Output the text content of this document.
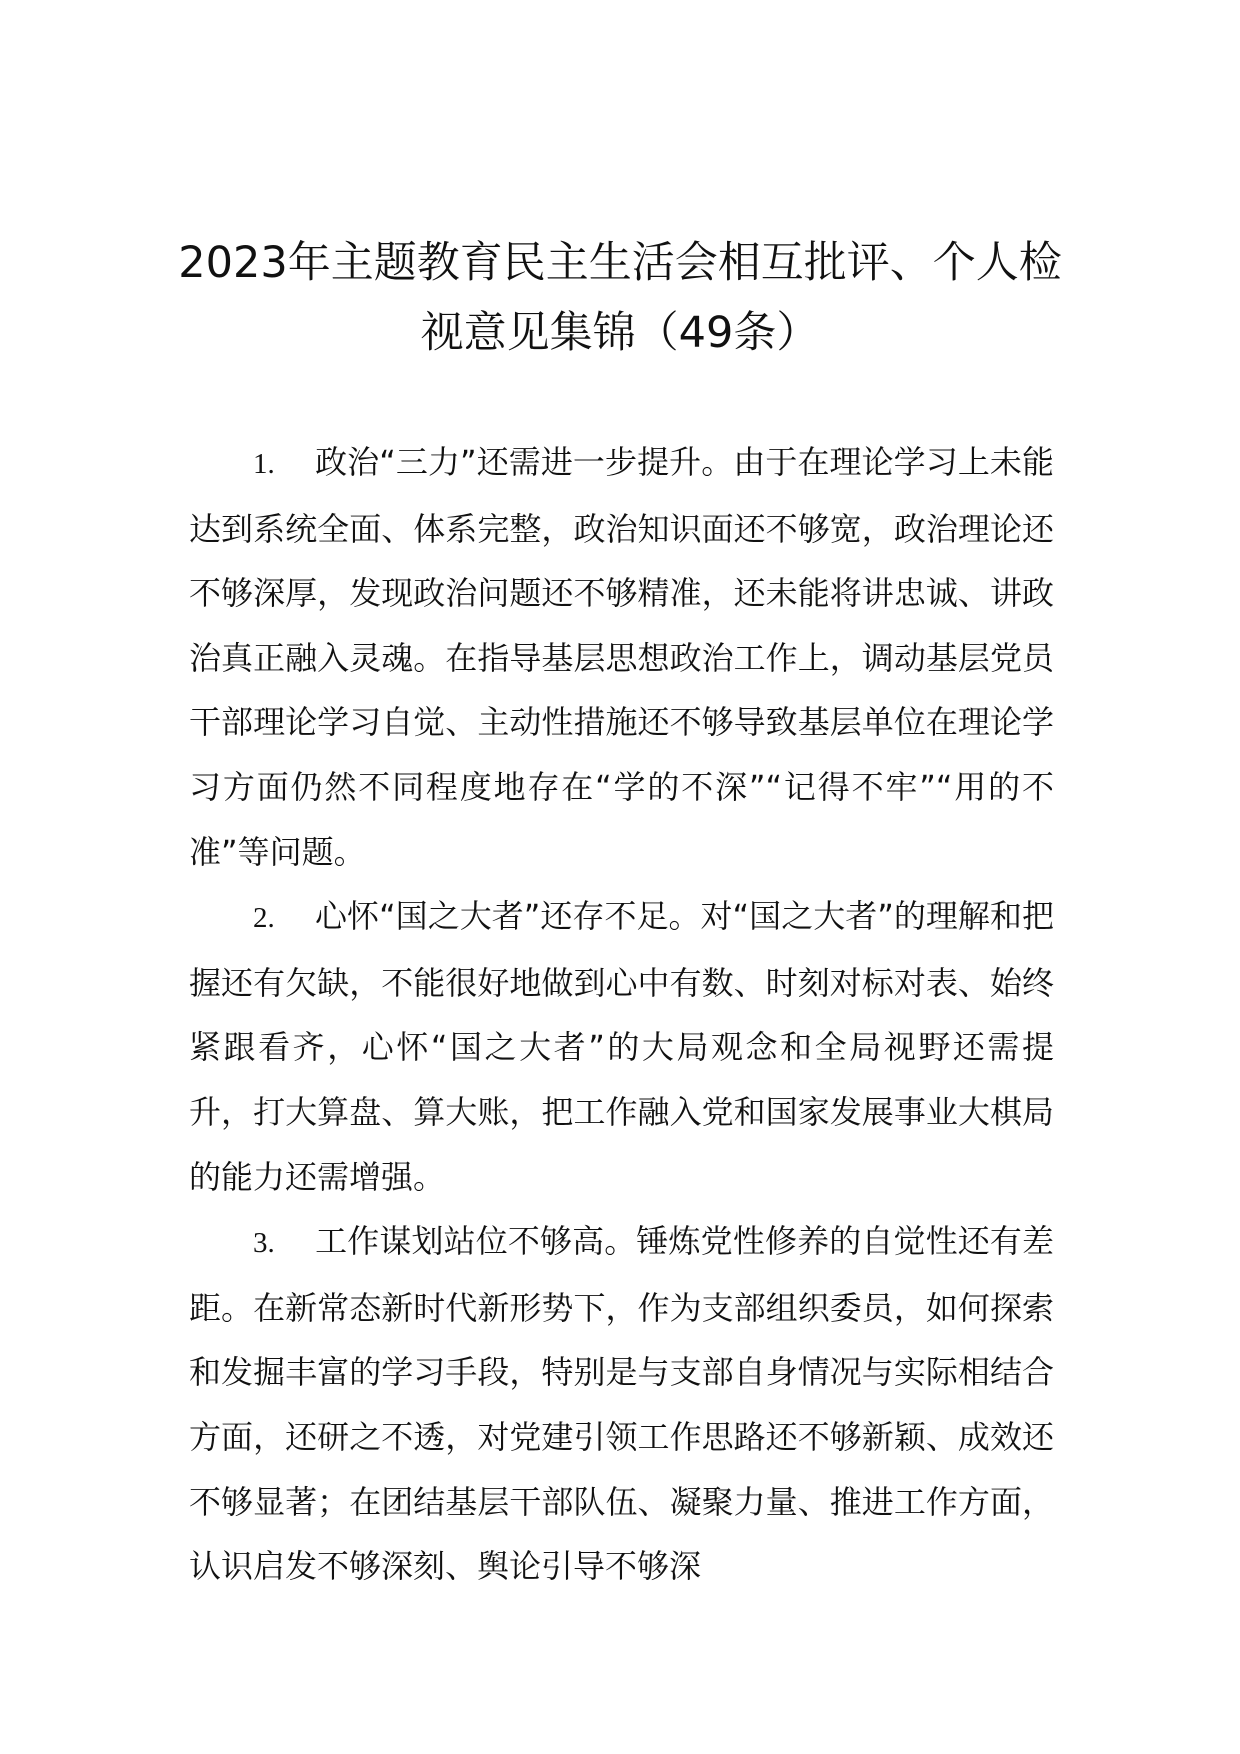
2023年主题教育民主生活会相互批评、个人检视意见集锦（49条）

1. 政治“三力”还需进一步提升。由于在理论学习上未能达到系统全面、体系完整，政治知识面还不够宽，政治理论还不够深厚，发现政治问题还不够精准，还未能将讲忠诚、讲政治真正融入灵魂。在指导基层思想政治工作上，调动基层党员干部理论学习自觉、主动性措施还不够导致基层单位在理论学习方面仍然不同程度地存在“学的不深”“记得不牢”“用的不准”等问题。

2. 心怀“国之大者”还存不足。对“国之大者”的理解和把握还有欠缺，不能很好地做到心中有数、时刻对标对表、始终紧跟看齐，心怀“国之大者”的大局观念和全局视野还需提升，打大算盘、算大账，把工作融入党和国家发展事业大棋局的能力还需增强。

3. 工作谋划站位不够高。锤炼党性修养的自觉性还有差距。在新常态新时代新形势下，作为支部组织委员，如何探索和发掘丰富的学习手段，特别是与支部自身情况与实际相结合方面，还研之不透，对党建引领工作思路还不够新颖、成效还不够显著；在团结基层干部队伍、凝聚力量、推进工作方面，认识启发不够深刻、舆论引导不够深
